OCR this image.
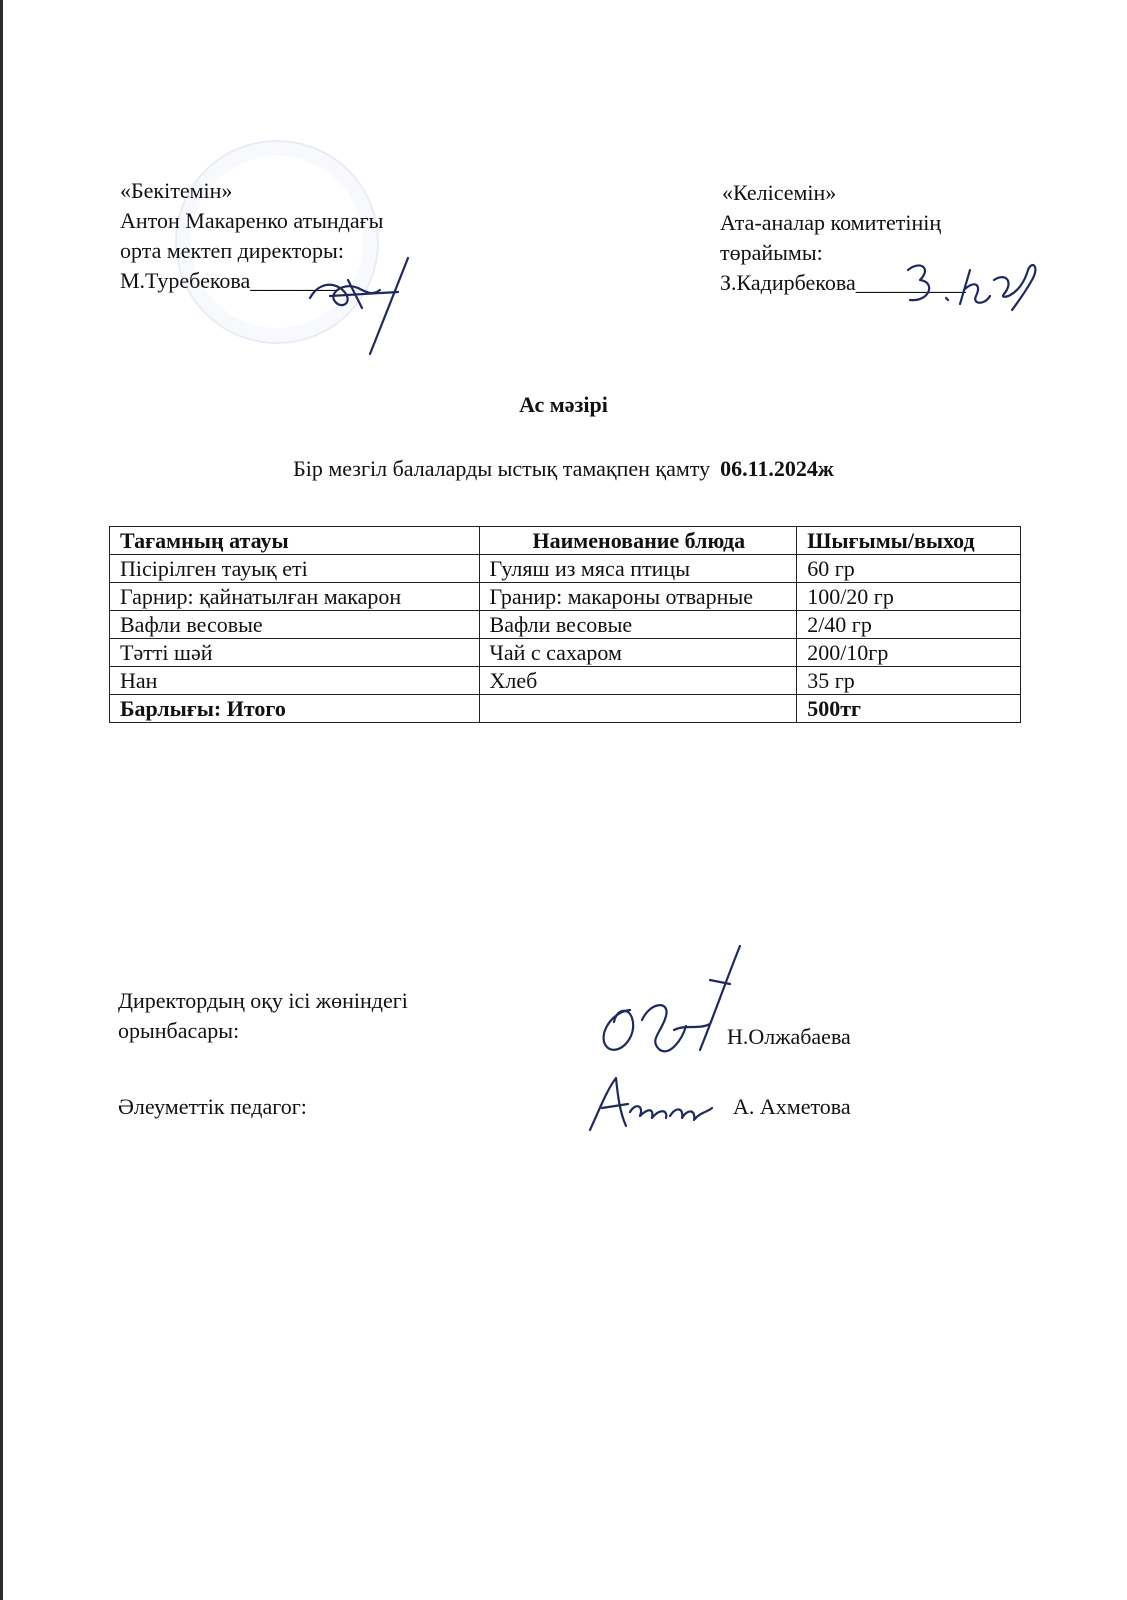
«Бекітемін»
Антон Макаренко атындағы
орта мектеп директоры:
М.Туребекова________
«Келісемін»
Ата-аналар комитетінің
төрайымы:
З.Кадирбекова__________
Ас мәзірі
Бір мезгіл балаларды ыстық тамақпен қамту 06.11.2024ж
Тағамның атауы	Наименование блюда	Шығымы/выход
Пісірілген тауық еті	Гуляш из мяса птицы	60 гр
Гарнир: қайнатылған макарон	Гранир: макароны отварные	100/20 гр
Вафли весовые	Вафли весовые	2/40 гр
Тәтті шәй	Чай с сахаром	200/10гр
Нан	Хлеб	35 гр
Барлығы: Итого		500тг
Директордың оқу ісі жөніндегі
орынбасары:	Н.Олжабаева
Әлеуметтік педагог:	А. Ахметова
